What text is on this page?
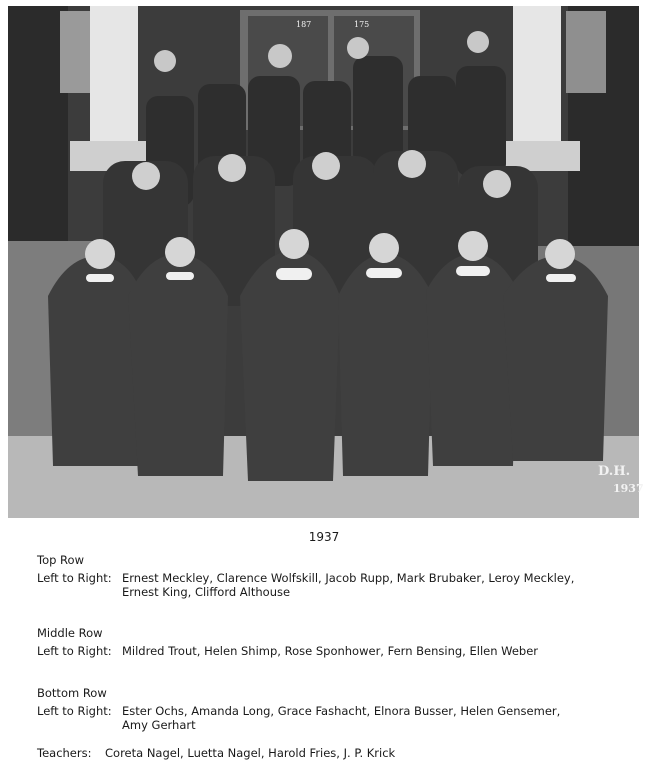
D.H.
1937
187	175
1937
Top Row
Left to Right: Ernest Meckley, Clarence Wolfskill, Jacob Rupp, Mark Brubaker, Leroy Meckley,
Ernest King, Clifford Althouse
Middle Row
Left to Right: Mildred Trout, Helen Shimp, Rose Sponhower, Fern Bensing, Ellen Weber
Bottom Row
Left to Right: Ester Ochs, Amanda Long, Grace Fashacht, Elnora Busser, Helen Gensemer,
Amy Gerhart
Teachers:	Coreta Nagel, Luetta Nagel, Harold Fries, J. P. Krick
